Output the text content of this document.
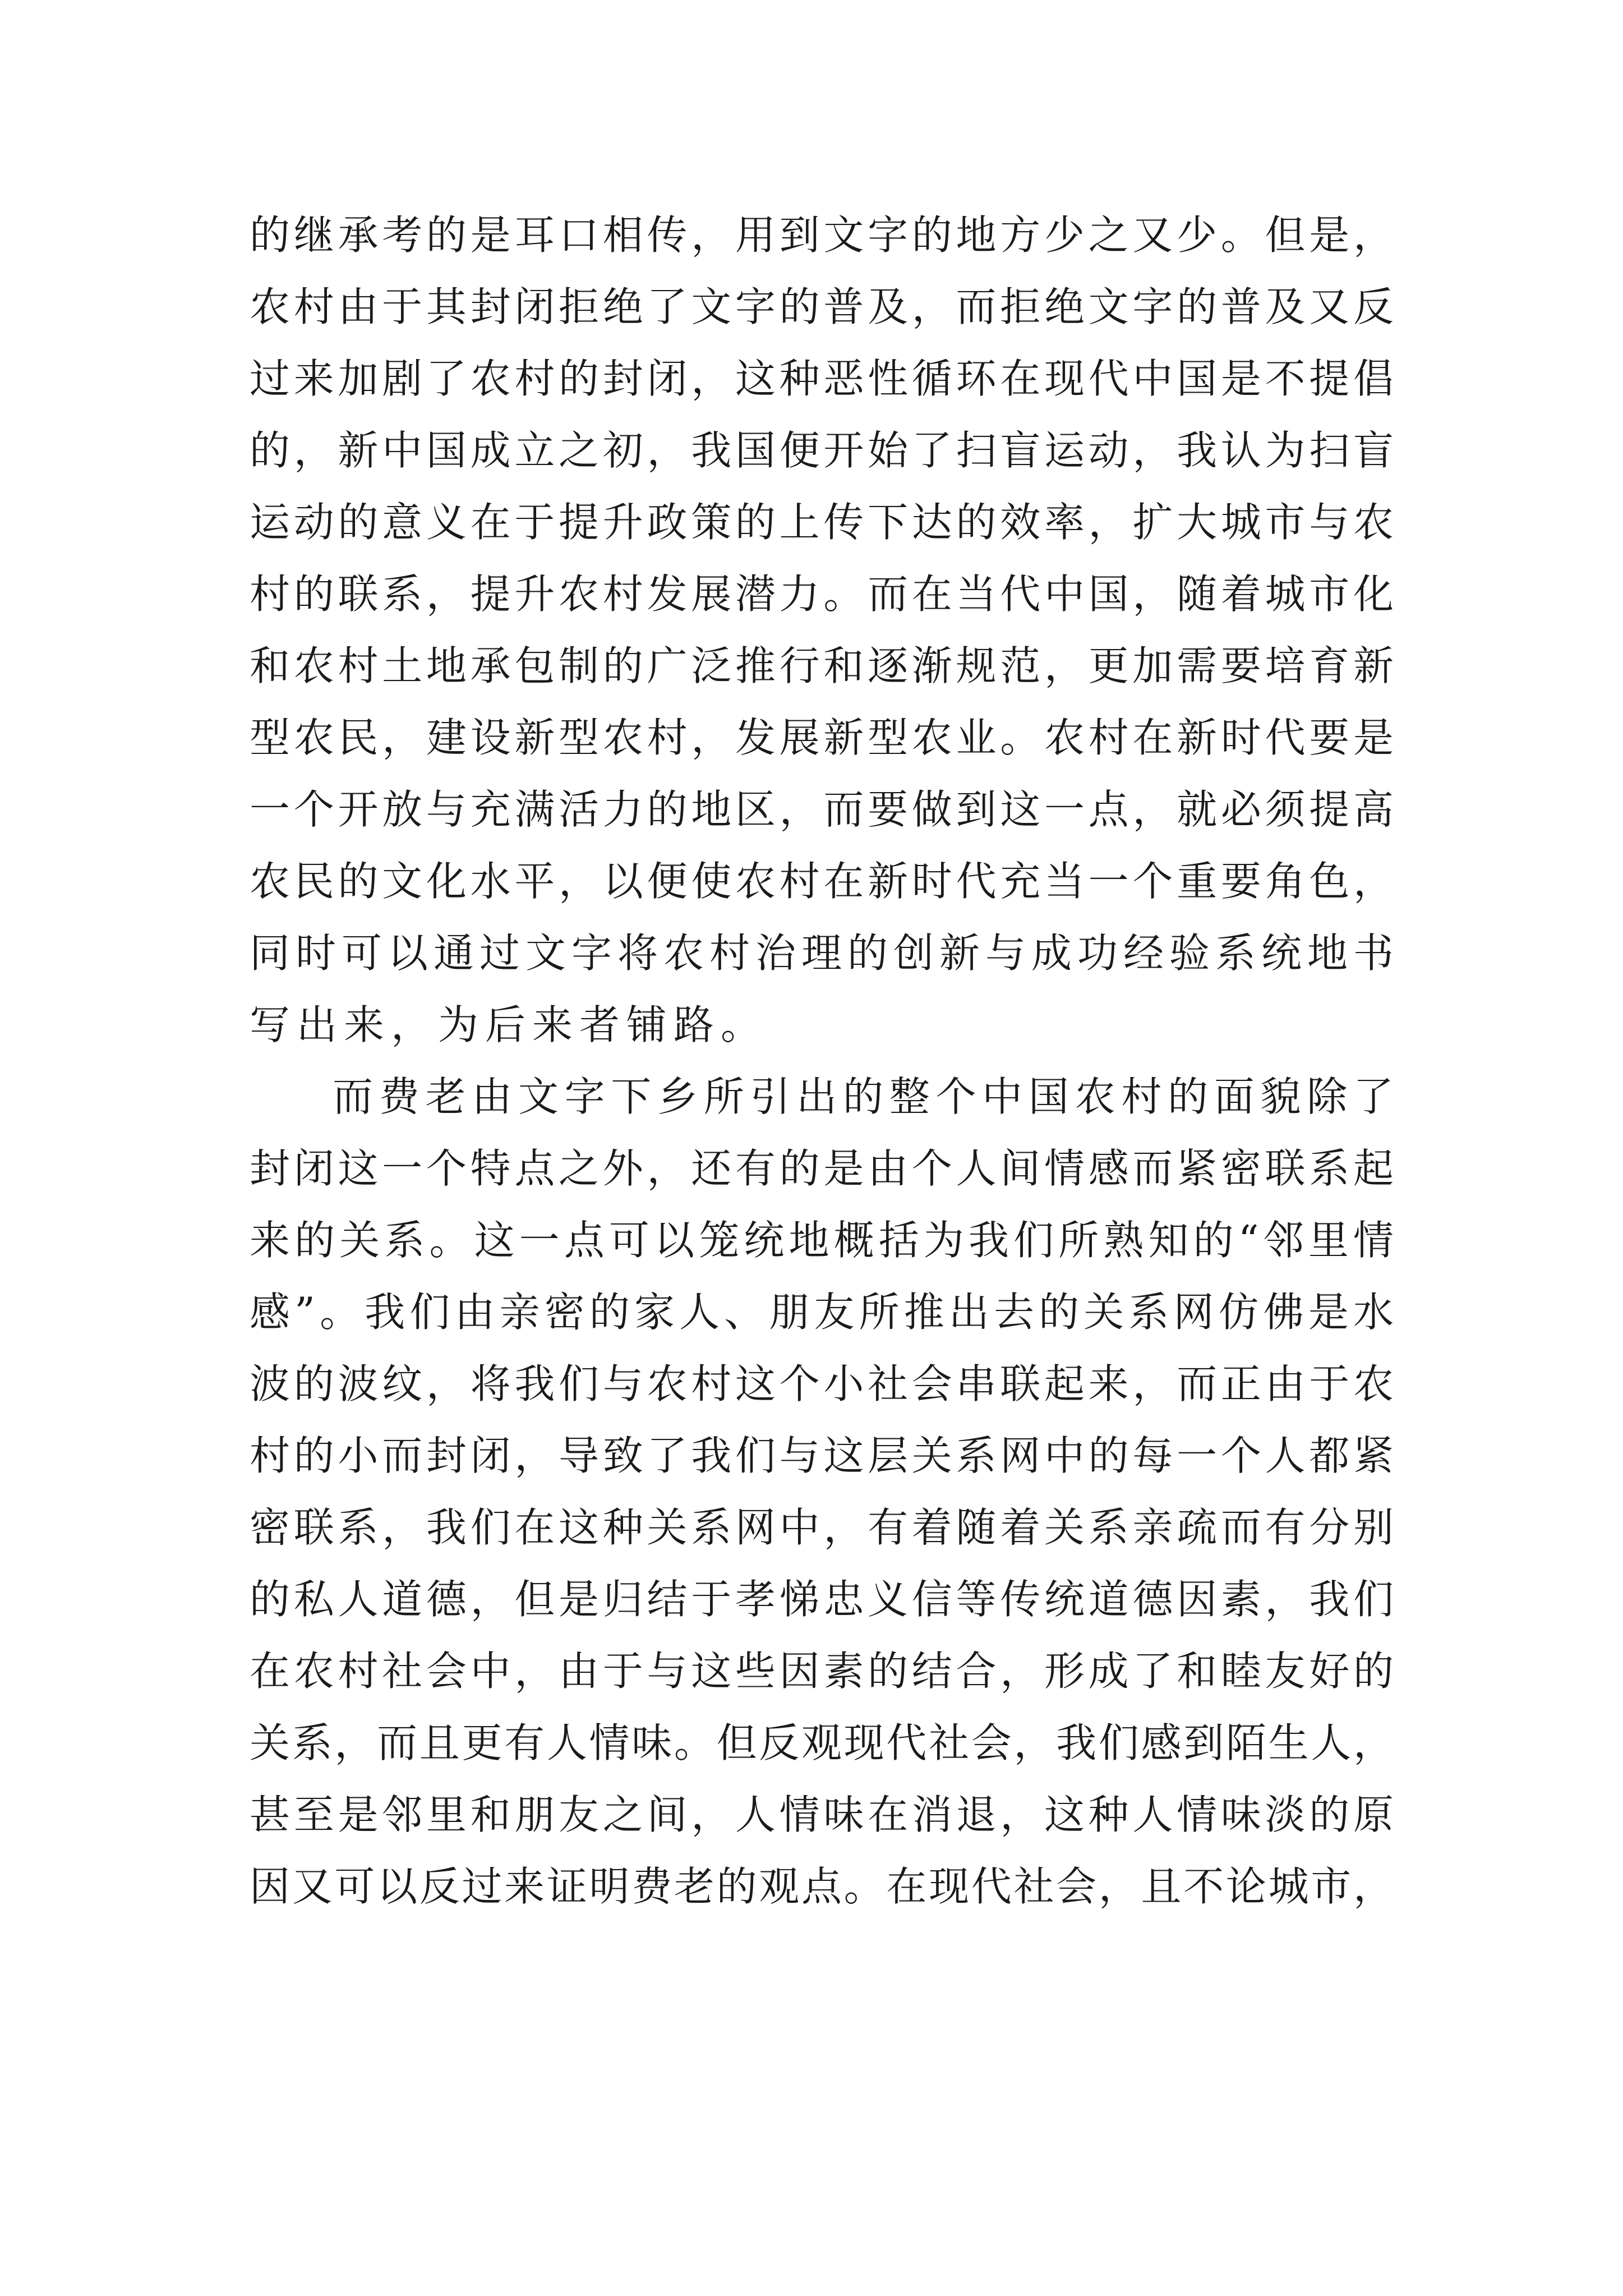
的继承考的是耳口相传，用到文字的地方少之又少。但是，
农村由于其封闭拒绝了文字的普及，而拒绝文字的普及又反
过来加剧了农村的封闭，这种恶性循环在现代中国是不提倡
的，新中国成立之初，我国便开始了扫盲运动，我认为扫盲
运动的意义在于提升政策的上传下达的效率，扩大城市与农
村的联系，提升农村发展潜力。而在当代中国，随着城市化
和农村土地承包制的广泛推行和逐渐规范，更加需要培育新
型农民，建设新型农村，发展新型农业。农村在新时代要是
一个开放与充满活力的地区，而要做到这一点，就必须提高
农民的文化水平，以便使农村在新时代充当一个重要角色，
同时可以通过文字将农村治理的创新与成功经验系统地书
写出来，为后来者铺路。
而费老由文字下乡所引出的整个中国农村的面貌除了
封闭这一个特点之外，还有的是由个人间情感而紧密联系起
来的关系。这一点可以笼统地概括为我们所熟知的“邻里情
感”。我们由亲密的家人、朋友所推出去的关系网仿佛是水
波的波纹，将我们与农村这个小社会串联起来，而正由于农
村的小而封闭，导致了我们与这层关系网中的每一个人都紧
密联系，我们在这种关系网中，有着随着关系亲疏而有分别
的私人道德，但是归结于孝悌忠义信等传统道德因素，我们
在农村社会中，由于与这些因素的结合，形成了和睦友好的
关系，而且更有人情味。但反观现代社会，我们感到陌生人，
甚至是邻里和朋友之间，人情味在消退，这种人情味淡的原
因又可以反过来证明费老的观点。在现代社会，且不论城市，
